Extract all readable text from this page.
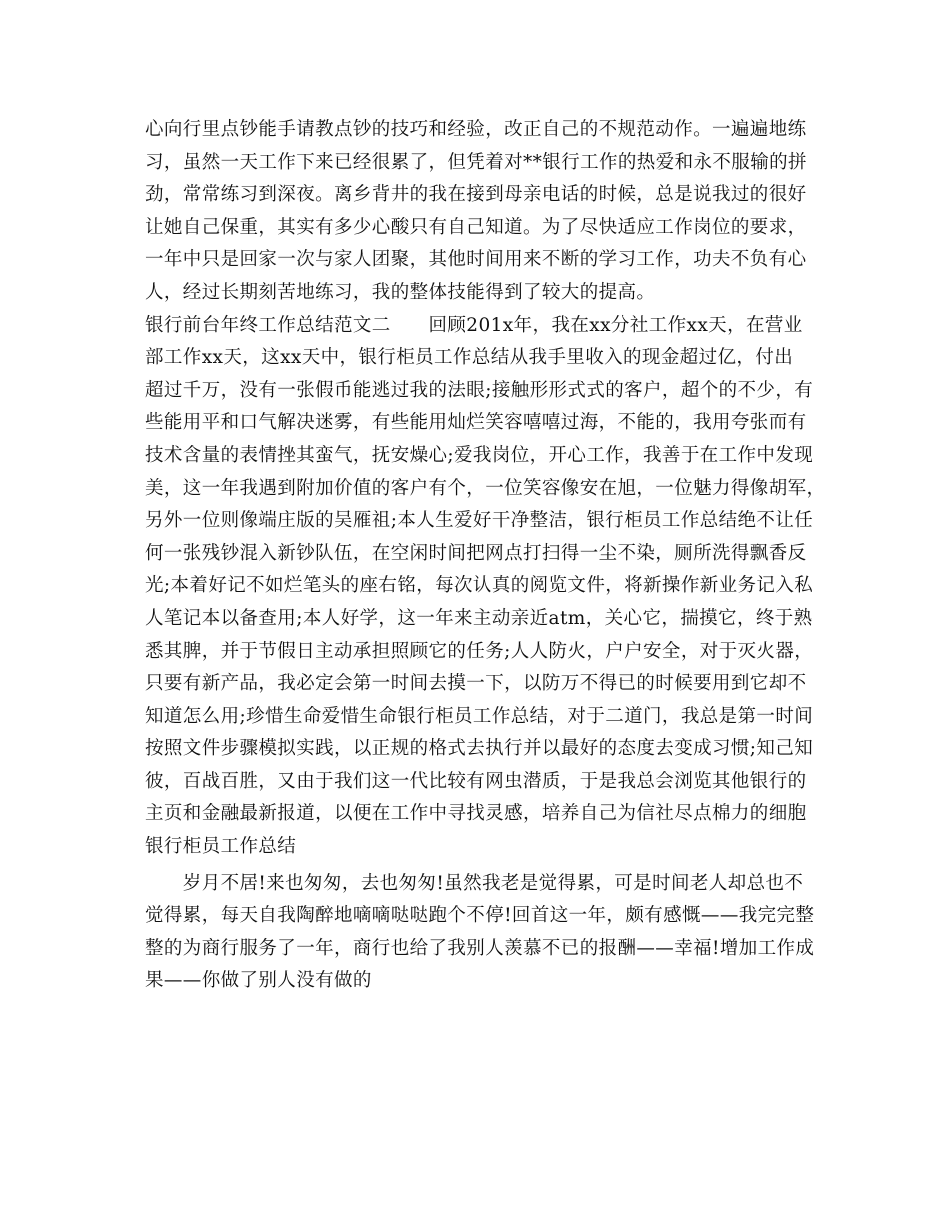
心向行里点钞能手请教点钞的技巧和经验，改正自己的不规范动作。一遍遍地练
习，虽然一天工作下来已经很累了，但凭着对**银行工作的热爱和永不服输的拼
劲，常常练习到深夜。离乡背井的我在接到母亲电话的时候，总是说我过的很好
让她自己保重，其实有多少心酸只有自己知道。为了尽快适应工作岗位的要求，
一年中只是回家一次与家人团聚，其他时间用来不断的学习工作，功夫不负有心
人，经过长期刻苦地练习，我的整体技能得到了较大的提高。
银行前台年终工作总结范文二　　回顾201x年，我在xx分社工作xx天，在营业
部工作xx天，这xx天中，银行柜员工作总结从我手里收入的现金超过亿，付出
超过千万，没有一张假币能逃过我的法眼;接触形形式式的客户，超个的不少，有
些能用平和口气解决迷雾，有些能用灿烂笑容嘻嘻过海，不能的，我用夸张而有
技术含量的表情挫其蛮气，抚安燥心;爱我岗位，开心工作，我善于在工作中发现
美，这一年我遇到附加价值的客户有个，一位笑容像安在旭，一位魅力得像胡军，
另外一位则像端庄版的吴雁祖;本人生爱好干净整洁，银行柜员工作总结绝不让任
何一张残钞混入新钞队伍，在空闲时间把网点打扫得一尘不染，厕所洗得飘香反
光;本着好记不如烂笔头的座右铭，每次认真的阅览文件，将新操作新业务记入私
人笔记本以备查用;本人好学，这一年来主动亲近atm，关心它，揣摸它，终于熟
悉其脾，并于节假日主动承担照顾它的任务;人人防火，户户安全，对于灭火器，
只要有新产品，我必定会第一时间去摸一下，以防万不得已的时候要用到它却不
知道怎么用;珍惜生命爱惜生命银行柜员工作总结，对于二道门，我总是第一时间
按照文件步骤模拟实践，以正规的格式去执行并以最好的态度去变成习惯;知己知
彼，百战百胜，又由于我们这一代比较有网虫潜质，于是我总会浏览其他银行的
主页和金融最新报道，以便在工作中寻找灵感，培养自己为信社尽点棉力的细胞
银行柜员工作总结
　　岁月不居!来也匆匆，去也匆匆!虽然我老是觉得累，可是时间老人却总也不
觉得累，每天自我陶醉地嘀嘀哒哒跑个不停!回首这一年，颇有感慨——我完完整
整的为商行服务了一年，商行也给了我别人羡慕不已的报酬——幸福!增加工作成
果——你做了别人没有做的
